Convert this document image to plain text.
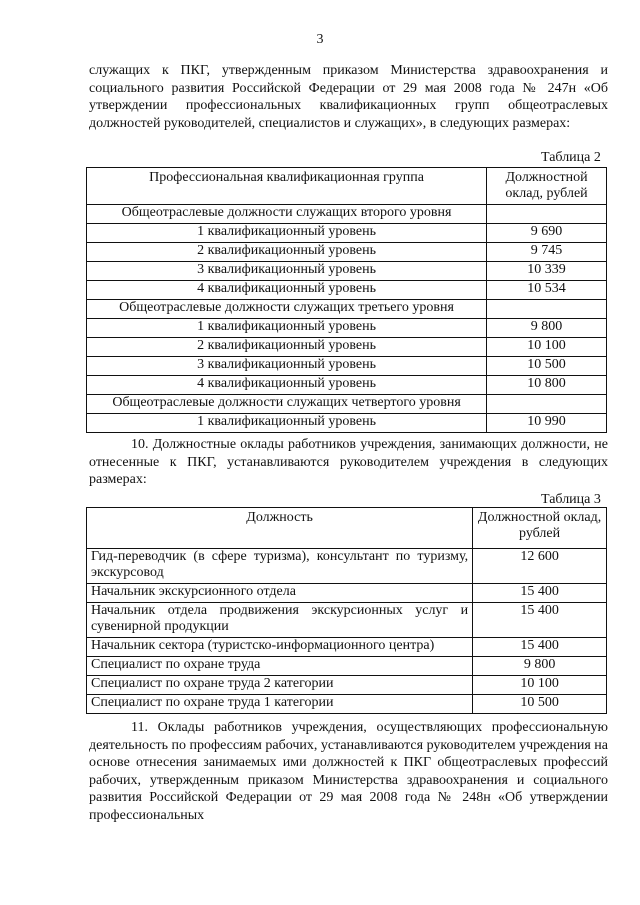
3

служащих к ПКГ, утвержденным приказом Министерства здравоохранения и социального развития Российской Федерации от 29 мая 2008 года № 247н «Об утверждении профессиональных квалификационных групп общеотраслевых должностей руководителей, специалистов и служащих», в следующих размерах:

Таблица 2
Профессиональная квалификационная группа	Должностной оклад, рублей
Общеотраслевые должности служащих второго уровня	
1 квалификационный уровень	9 690
2 квалификационный уровень	9 745
3 квалификационный уровень	10 339
4 квалификационный уровень	10 534
Общеотраслевые должности служащих третьего уровня	
1 квалификационный уровень	9 800
2 квалификационный уровень	10 100
3 квалификационный уровень	10 500
4 квалификационный уровень	10 800
Общеотраслевые должности служащих четвертого уровня	
1 квалификационный уровень	10 990

10. Должностные оклады работников учреждения, занимающих должности, не отнесенные к ПКГ, устанавливаются руководителем учреждения в следующих размерах:

Таблица 3
Должность	Должностной оклад, рублей
Гид-переводчик (в сфере туризма), консультант по туризму, экскурсовод	12 600
Начальник экскурсионного отдела	15 400
Начальник отдела продвижения экскурсионных услуг и сувенирной продукции	15 400
Начальник сектора (туристско-информационного центра)	15 400
Специалист по охране труда	9 800
Специалист по охране труда 2 категории	10 100
Специалист по охране труда 1 категории	10 500

11. Оклады работников учреждения, осуществляющих профессиональную деятельность по профессиям рабочих, устанавливаются руководителем учреждения на основе отнесения занимаемых ими должностей к ПКГ общеотраслевых профессий рабочих, утвержденным приказом Министерства здравоохранения и социального развития Российской Федерации от 29 мая 2008 года № 248н «Об утверждении профессиональных
